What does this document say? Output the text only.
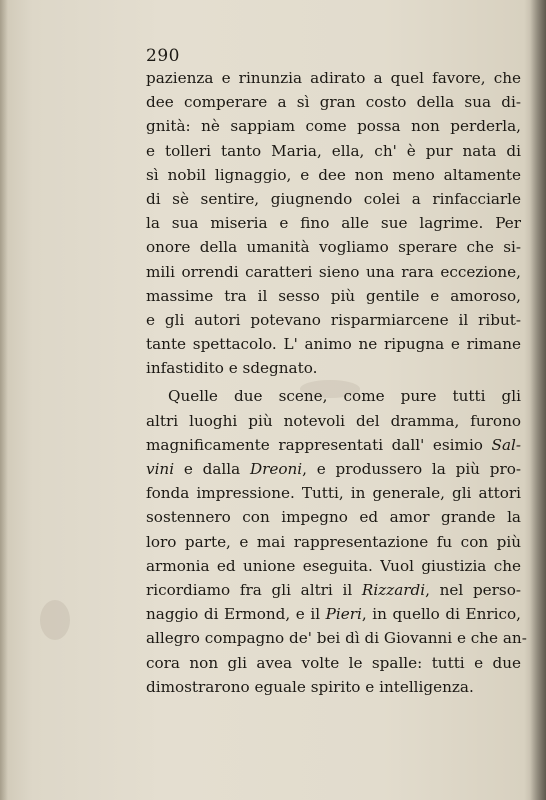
290
pazienza e rinunzia adirato a quel favore, che
dee comperare a sì gran costo della sua di-
gnità: nè sappiam come possa non perderla,
e tolleri tanto Maria, ella, ch' è pur nata di
sì nobil lignaggio, e dee non meno altamente
di sè sentire, giugnendo colei a rinfacciarle
la sua miseria e fino alle sue lagrime. Per
onore della umanità vogliamo sperare che si-
mili orrendi caratteri sieno una rara eccezione,
massime tra il sesso più gentile e amoroso,
e gli autori potevano risparmiarcene il ribut-
tante spettacolo. L' animo ne ripugna e rimane
infastidito e sdegnato.
Quelle due scene, come pure tutti gli
altri luoghi più notevoli del dramma, furono
magnificamente rappresentati dall' esimio Sal-
vini e dalla Dreoni, e produssero la più pro-
fonda impressione. Tutti, in generale, gli attori
sostennero con impegno ed amor grande la
loro parte, e mai rappresentazione fu con più
armonia ed unione eseguita. Vuol giustizia che
ricordiamo fra gli altri il Rizzardi, nel perso-
naggio di Ermond, e il Pieri, in quello di Enrico,
allegro compagno de' bei dì di Giovanni e che an-
cora non gli avea volte le spalle: tutti e due
dimostrarono eguale spirito e intelligenza.
